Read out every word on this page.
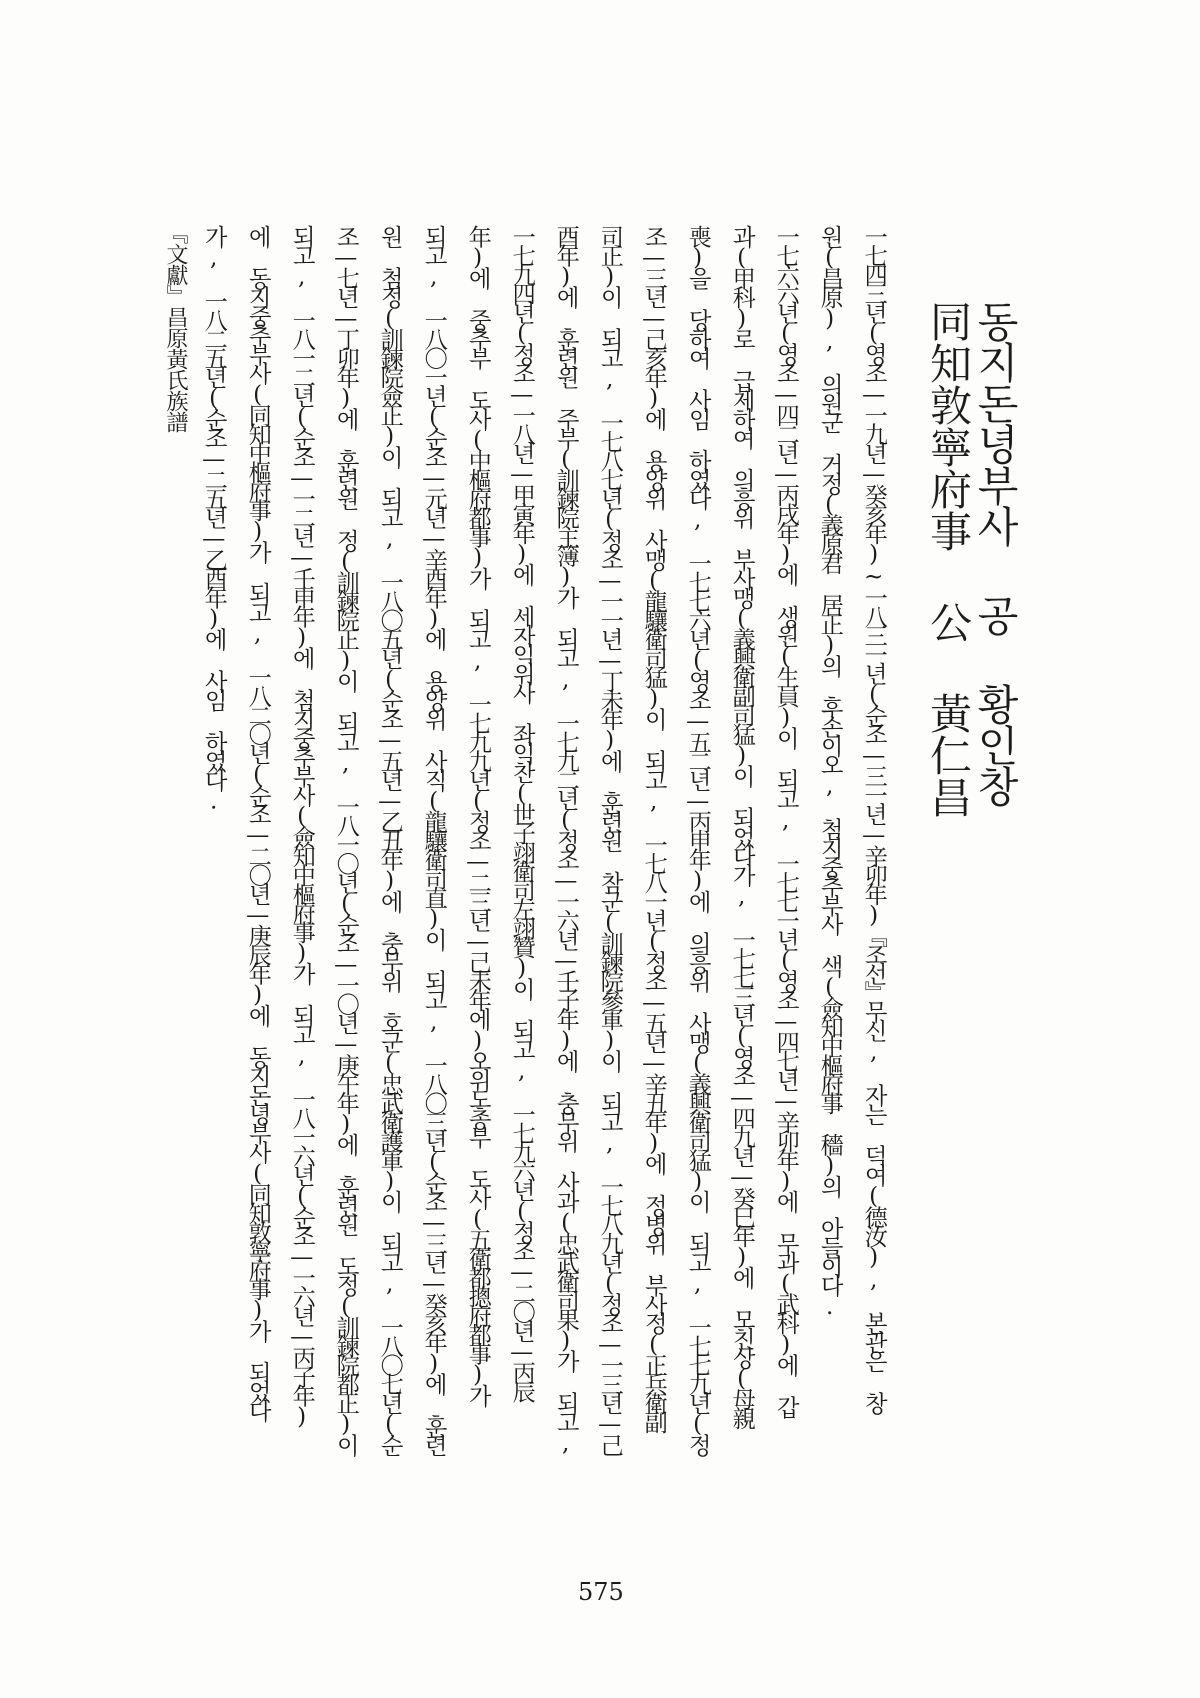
동지돈녕부사 공 황인창
同知敦寧府事 公 黃仁昌
一七四三년(영조—一九년—癸亥年)~一八三一년(순조—三一년—辛卯年)『조선』무신, 자는 덕여(德汝), 본관은 창
원(昌原), 의원군 거정(義原君 居正)의 후손이오, 첨지중추부사 색(僉知中樞府事 穡)의 아들이다.
一七六六년(영조—四二년—丙戌年)에 생원(生員)이 되고, 一七七一년(영조—四七년—辛卯年)에 무과(武科)에 갑
과(甲科)로 급제하여 의흥위 부사맹(義興衛副司猛)이 되었다가, 一七七三년(영조—四九년—癸巳年)에 모친상(母親
喪)을 당하여 사임 하였다, 一七七六년(영조—五二년—丙申年)에 의흥위 사맹(義興衛司猛)이 되고, 一七七九년(정
조—三년—己亥年)에 용양위 사맹(龍驤衛司猛)이 되고, 一七八一년(정조—五년—辛丑年)에 정병위 부사정(正兵衛副
司正)이 되고, 一七八七년(정조—一一년—丁未年)에 훈련원 참군(訓鍊院參軍)이 되고, 一七八九년(정조—一三년—己
酉年)에 훈련원 주부(訓鍊院主簿)가 되고, 一七九二년(정조—一六년—壬子年)에 충무위 사과(忠武衛司果)가 되고,
一七九四년(정조—一八년—甲寅年)에 세자익위사 좌익찬(世子翊衛司左翊贊)이 되고, 一七九六년(정조—二〇년—丙辰
年)에 중추부 도사(中樞府都事)가 되고, 一七九九년(정조—二三년—己未年에)오위도총부 도사(五衛都摠府都事)가
되고, 一八〇一년(순조—元년—辛酉年)에 용양위 사직(龍驤衛司直)이 되고, 一八〇三년(순조—三년—癸亥年)에 훈련
원 첨정(訓鍊院僉正)이 되고, 一八〇五년(순조—五년—乙丑年)에 충무위 호군(忠武衛護軍)이 되고, 一八〇七년(순
조—七년—丁卯年)에 훈련원 정(訓鍊院正)이 되고, 一八一〇년(순조—一〇년—庚午年)에 훈련원 도정(訓鍊院都正)이
되고, 一八一二년(순조—一二년—壬申年)에 첨지중추부사(僉知中樞府事)가 되고, 一八一六년(순조—一六년—丙子年)
에 동지중추부사(同知中樞府事)가 되고, 一八二〇년(순조—二〇년—庚辰年)에 동지돈녕부사(同知敦寧府事)가 되었다
『文獻』昌原黃氏族譜
575
가, 一八二五년(순조—二五년—乙酉年)에 사임 하였다.
